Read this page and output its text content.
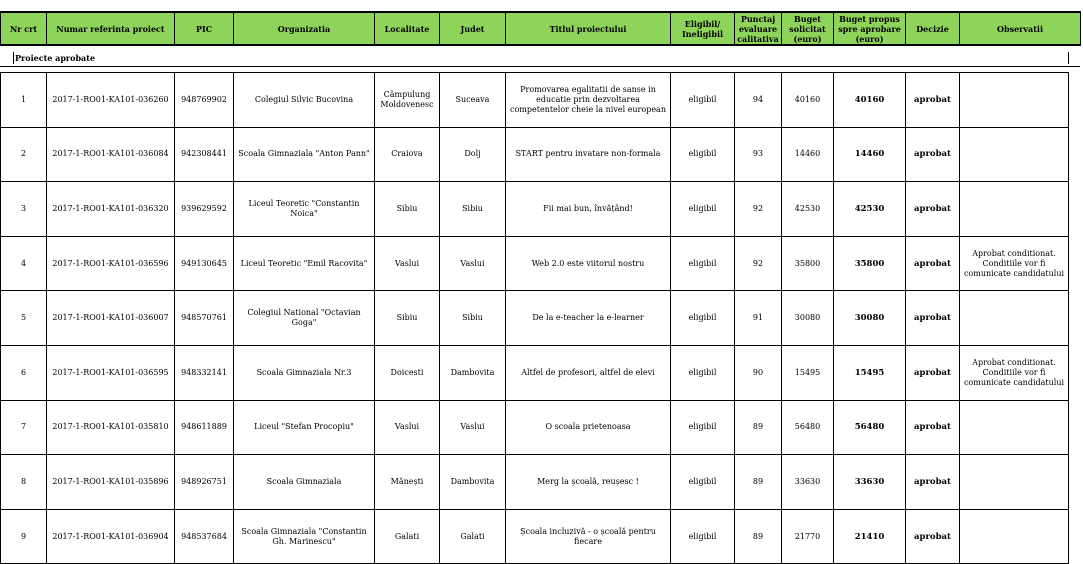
Nr crt	Numar referinta proiect	PIC	Organizatia	Localitate	Judet	Titlul proiectului	Eligibil/ Ineligibil	Punctaj evaluare calitativa	Buget solicitat (euro)	Buget propus spre aprobare (euro)	Decizie	Observatii
Proiecte aprobate
1	2017-1-RO01-KA101-036260	948769902	Colegiul Silvic Bucovina	Câmpulung Moldovenesc	Suceava	Promovarea egalitatii de sanse in educatie prin dezvoltarea competentelor cheie la nivel european	eligibil	94	40160	40160	aprobat	
2	2017-1-RO01-KA101-036084	942308441	Scoala Gimnaziala "Anton Pann"	Craiova	Dolj	START pentru invatare non-formala	eligibil	93	14460	14460	aprobat	
3	2017-1-RO01-KA101-036320	939629592	Liceul Teoretic "Constantin Noica"	Sibiu	Sibiu	Fii mai bun, învățând!	eligibil	92	42530	42530	aprobat	
4	2017-1-RO01-KA101-036596	949130645	Liceul Teoretic "Emil Racovita"	Vaslui	Vaslui	Web 2.0 este viitorul nostru	eligibil	92	35800	35800	aprobat	Aprobat conditionat. Conditiile vor fi comunicate candidatului
5	2017-1-RO01-KA101-036007	948570761	Colegiul National "Octavian Goga"	Sibiu	Sibiu	De la e-teacher la e-learner	eligibil	91	30080	30080	aprobat	
6	2017-1-RO01-KA101-036595	948332141	Scoala Gimnaziala Nr.3	Doicesti	Dambovita	Altfel de profesori, altfel de elevi	eligibil	90	15495	15495	aprobat	Aprobat conditionat. Conditiile vor fi comunicate candidatului
7	2017-1-RO01-KA101-035810	948611889	Liceul "Stefan Procopiu"	Vaslui	Vaslui	O scoala prietenoasa	eligibil	89	56480	56480	aprobat	
8	2017-1-RO01-KA101-035896	948926751	Scoala Gimnaziala	Mănești	Dambovita	Merg la școală, reușesc !	eligibil	89	33630	33630	aprobat	
9	2017-1-RO01-KA101-036904	948537684	Scoala Gimnaziala "Constantin Gh. Marinescu"	Galati	Galati	Școala incluzivă - o școală pentru fiecare	eligibil	89	21770	21410	aprobat	
